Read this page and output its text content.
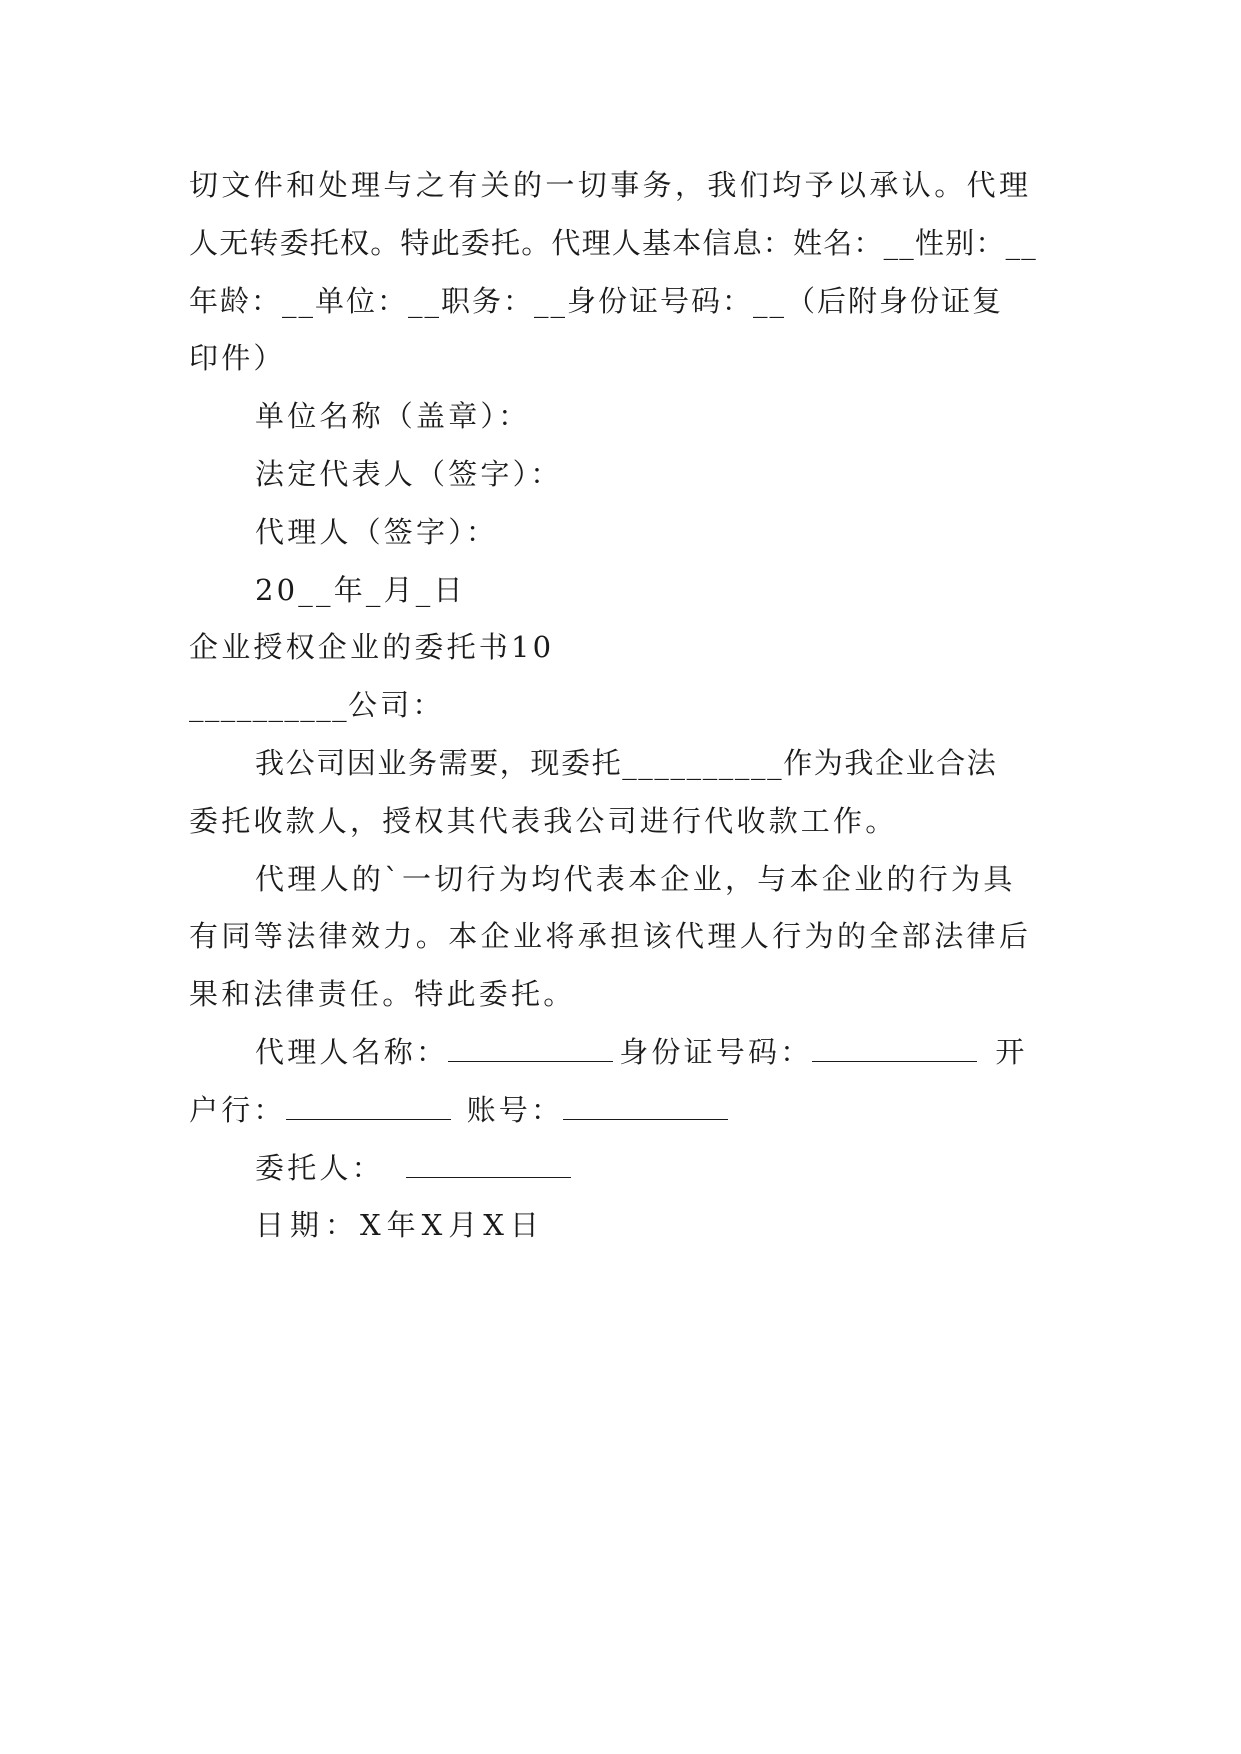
切文件和处理与之有关的一切事务，我们均予以承认。代理
人无转委托权。特此委托。代理人基本信息：姓名：__性别：__
年龄：__单位：__职务：__身份证号码：__（后附身份证复
印件）
单位名称（盖章）：
法定代表人（签字）：
代理人（签字）：
20__年_月_日
企业授权企业的委托书10
__________公司：
我公司因业务需要，现委托__________作为我企业合法
委托收款人，授权其代表我公司进行代收款工作。
代理人的`一切行为均代表本企业，与本企业的行为具
有同等法律效力。本企业将承担该代理人行为的全部法律后
果和法律责任。特此委托。
代理人名称：	身份证号码：	开
户行：	账号：
委托人：
日期：X年X月X日
